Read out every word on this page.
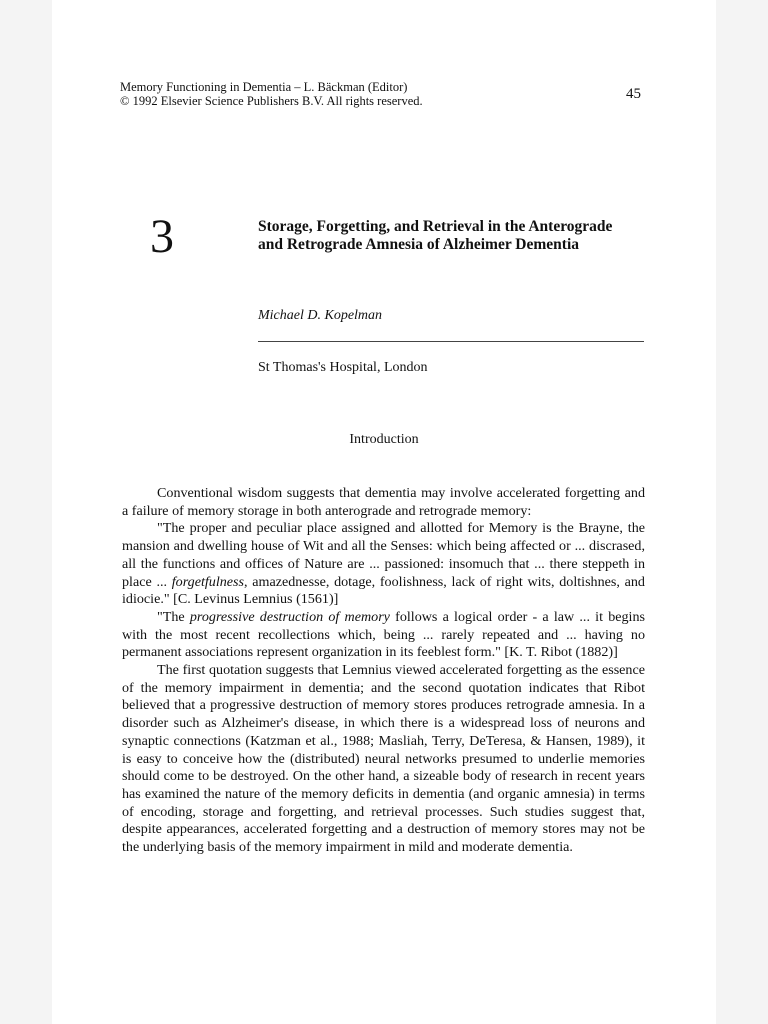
Memory Functioning in Dementia – L. Bäckman (Editor)
© 1992 Elsevier Science Publishers B.V. All rights reserved.	45
3	Storage, Forgetting, and Retrieval in the Anterograde and Retrograde Amnesia of Alzheimer Dementia
Michael D. Kopelman
St Thomas's Hospital, London
Introduction

Conventional wisdom suggests that dementia may involve accelerated forgetting and a failure of memory storage in both anterograde and retrograde memory:

"The proper and peculiar place assigned and allotted for Memory is the Brayne, the mansion and dwelling house of Wit and all the Senses: which being affected or ... discrased, all the functions and offices of Nature are ... passioned: insomuch that ... there steppeth in place ... forgetfulness, amazednesse, dotage, foolishness, lack of right wits, doltishnes, and idiocie." [C. Levinus Lemnius (1561)]

"The progressive destruction of memory follows a logical order - a law ... it begins with the most recent recollections which, being ... rarely repeated and ... having no permanent associations represent organization in its feeblest form." [K. T. Ribot (1882)]

The first quotation suggests that Lemnius viewed accelerated forgetting as the essence of the memory impairment in dementia; and the second quotation indicates that Ribot believed that a progressive destruction of memory stores produces retrograde amnesia. In a disorder such as Alzheimer's disease, in which there is a widespread loss of neurons and synaptic connections (Katzman et al., 1988; Masliah, Terry, DeTeresa, & Hansen, 1989), it is easy to conceive how the (distributed) neural networks presumed to underlie memories should come to be destroyed. On the other hand, a sizeable body of research in recent years has examined the nature of the memory deficits in dementia (and organic amnesia) in terms of encoding, storage and forgetting, and retrieval processes. Such studies suggest that, despite appearances, accelerated forgetting and a destruction of memory stores may not be the underlying basis of the memory impairment in mild and moderate dementia.
